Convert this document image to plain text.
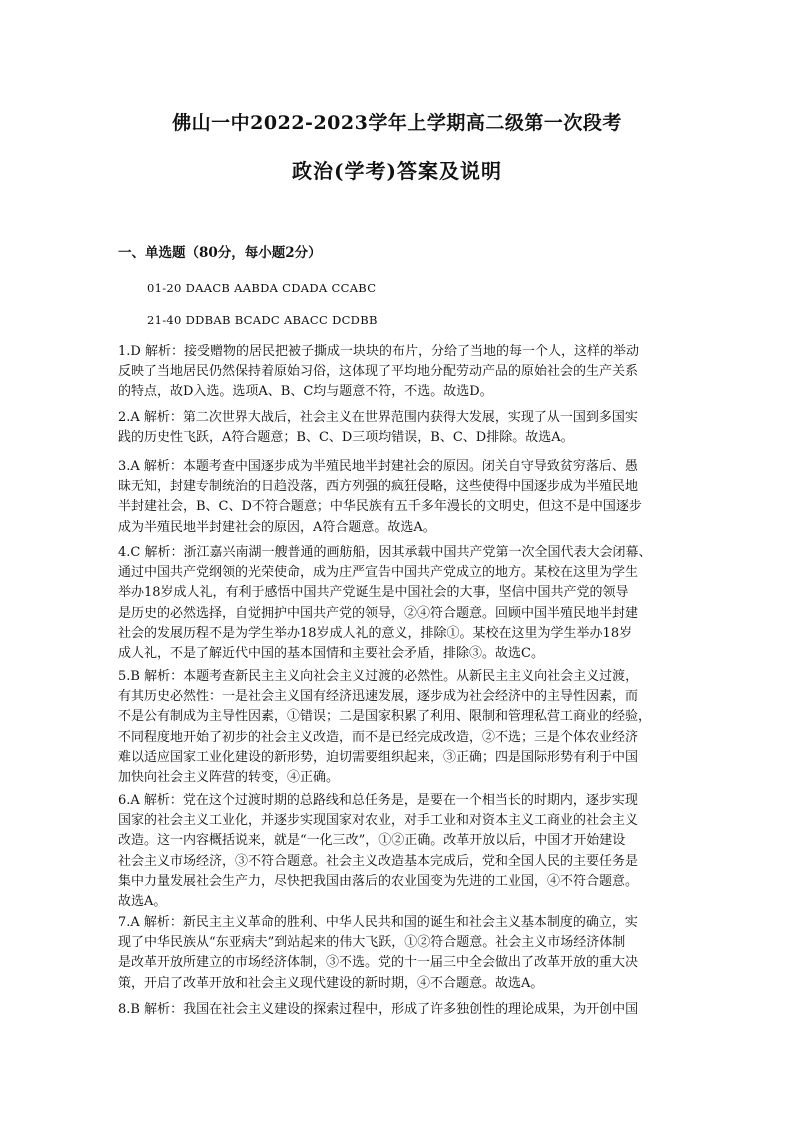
佛山一中2022-2023学年上学期高二级第一次段考
政治(学考)答案及说明
一、单选题（80分，每小题2分）
01-20 DAACB AABDA CDADA CCABC
21-40 DDBAB BCADC ABACC DCDBB
1.D 解析：接受赠物的居民把被子撕成一块块的布片，分给了当地的每一个人，这样的举动
反映了当地居民仍然保持着原始习俗，这体现了平均地分配劳动产品的原始社会的生产关系
的特点，故D入选。选项A、B、C均与题意不符，不选。故选D。
2.A 解析：第二次世界大战后，社会主义在世界范围内获得大发展，实现了从一国到多国实
践的历史性飞跃，A符合题意；B、C、D三项均错误，B、C、D排除。故选A。
3.A 解析：本题考查中国逐步成为半殖民地半封建社会的原因。闭关自守导致贫穷落后、愚
昧无知，封建专制统治的日趋没落，西方列强的疯狂侵略，这些使得中国逐步成为半殖民地
半封建社会，B、C、D不符合题意；中华民族有五千多年漫长的文明史，但这不是中国逐步
成为半殖民地半封建社会的原因，A符合题意。故选A。
4.C 解析：浙江嘉兴南湖一艘普通的画舫船，因其承载中国共产党第一次全国代表大会闭幕、
通过中国共产党纲领的光荣使命，成为庄严宣告中国共产党成立的地方。某校在这里为学生
举办18岁成人礼，有利于感悟中国共产党诞生是中国社会的大事，坚信中国共产党的领导
是历史的必然选择，自觉拥护中国共产党的领导，②④符合题意。回顾中国半殖民地半封建
社会的发展历程不是为学生举办18岁成人礼的意义，排除①。某校在这里为学生举办18岁
成人礼，不是了解近代中国的基本国情和主要社会矛盾，排除③。故选C。
5.B 解析：本题考查新民主主义向社会主义过渡的必然性。从新民主主义向社会主义过渡，
有其历史必然性：一是社会主义国有经济迅速发展，逐步成为社会经济中的主导性因素，而
不是公有制成为主导性因素，①错误；二是国家积累了利用、限制和管理私营工商业的经验，
不同程度地开始了初步的社会主义改造，而不是已经完成改造，②不选；三是个体农业经济
难以适应国家工业化建设的新形势，迫切需要组织起来，③正确；四是国际形势有利于中国
加快向社会主义阵营的转变，④正确。
6.A 解析：党在这个过渡时期的总路线和总任务是，是要在一个相当长的时期内，逐步实现
国家的社会主义工业化，并逐步实现国家对农业，对手工业和对资本主义工商业的社会主义
改造。这一内容概括说来，就是“一化三改”，①②正确。改革开放以后，中国才开始建设
社会主义市场经济，③不符合题意。社会主义改造基本完成后，党和全国人民的主要任务是
集中力量发展社会生产力，尽快把我国由落后的农业国变为先进的工业国，④不符合题意。
故选A。
7.A 解析：新民主主义革命的胜利、中华人民共和国的诞生和社会主义基本制度的确立，实
现了中华民族从“东亚病夫”到站起来的伟大飞跃，①②符合题意。社会主义市场经济体制
是改革开放所建立的市场经济体制，③不选。党的十一届三中全会做出了改革开放的重大决
策，开启了改革开放和社会主义现代建设的新时期，④不合题意。故选A。
8.B 解析：我国在社会主义建设的探索过程中，形成了许多独创性的理论成果，为开创中国
